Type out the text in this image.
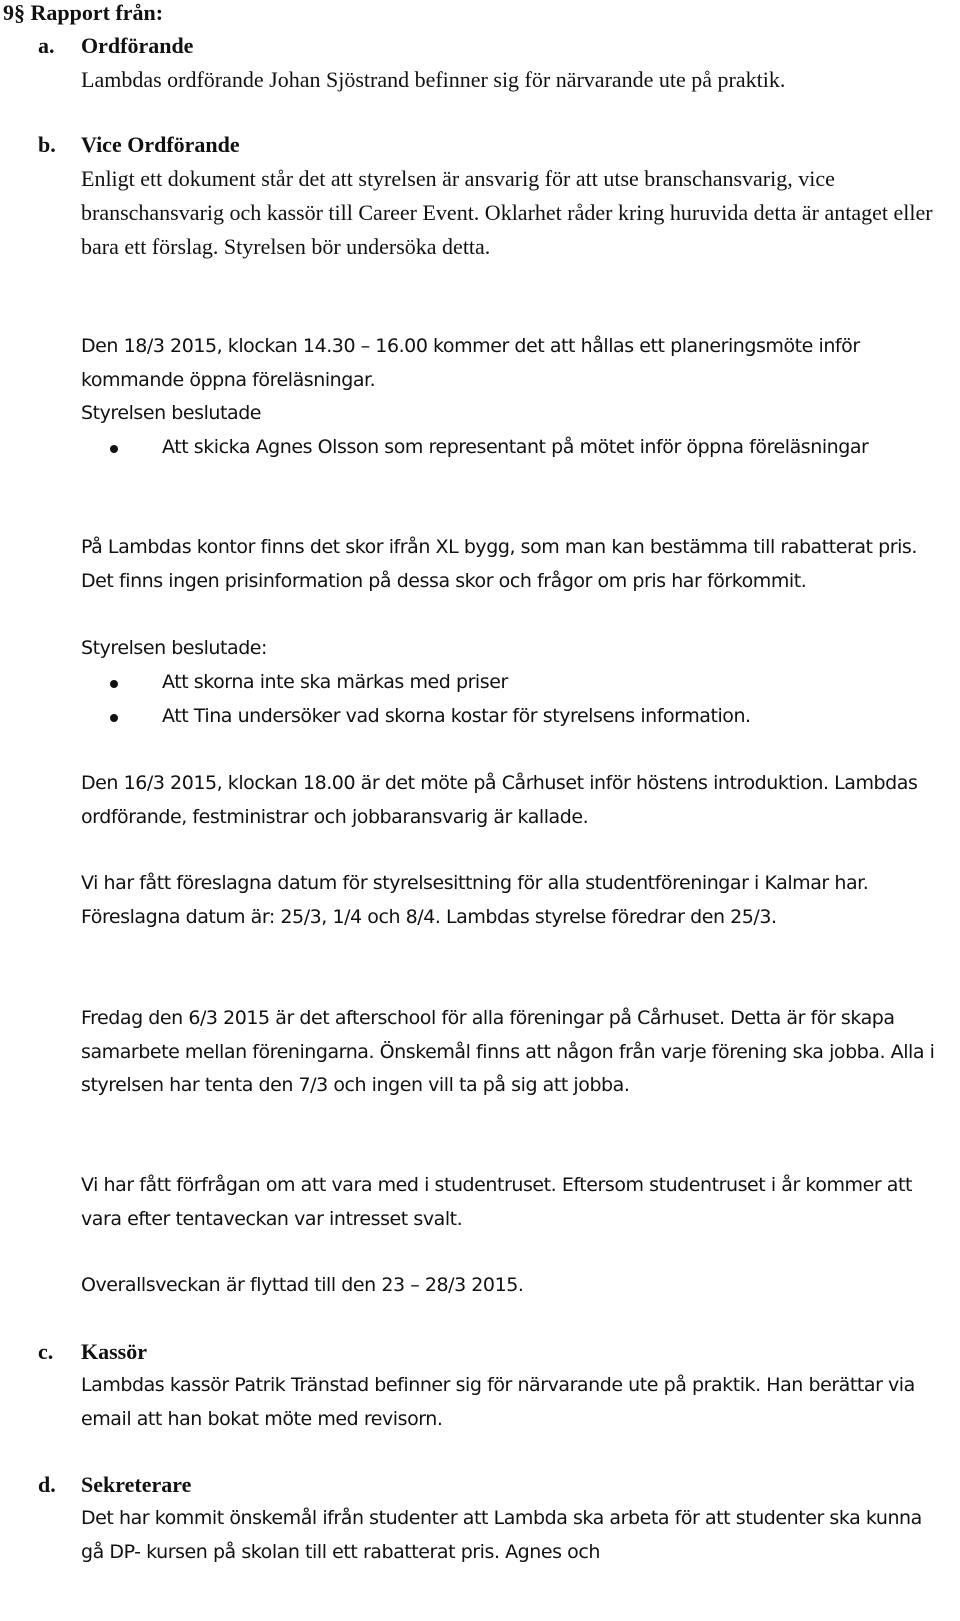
9§ Rapport från:
a. Ordförande

Lambdas ordförande Johan Sjöstrand befinner sig för närvarande ute på praktik.

b. Vice Ordförande

Enligt ett dokument står det att styrelsen är ansvarig för att utse branschansvarig, vice branschansvarig och kassör till Career Event. Oklarhet råder kring huruvida detta är antaget eller bara ett förslag. Styrelsen bör undersöka detta.

Den 18/3 2015, klockan 14.30 – 16.00 kommer det att hållas ett planeringsmöte inför kommande öppna föreläsningar.

Styrelsen beslutade

Att skicka Agnes Olsson som representant på mötet inför öppna föreläsningar

På Lambdas kontor finns det skor ifrån XL bygg, som man kan bestämma till rabatterat pris. Det finns ingen prisinformation på dessa skor och frågor om pris har förkommit.

Styrelsen beslutade:

Att skorna inte ska märkas med priser
Att Tina undersöker vad skorna kostar för styrelsens information.

Den 16/3 2015, klockan 18.00 är det möte på Cårhuset inför höstens introduktion. Lambdas ordförande, festministrar och jobbaransvarig är kallade.

Vi har fått föreslagna datum för styrelsesittning för alla studentföreningar i Kalmar har. Föreslagna datum är: 25/3, 1/4 och 8/4. Lambdas styrelse föredrar den 25/3.

Fredag den 6/3 2015 är det afterschool för alla föreningar på Cårhuset. Detta är för skapa samarbete mellan föreningarna. Önskemål finns att någon från varje förening ska jobba. Alla i styrelsen har tenta den 7/3 och ingen vill ta på sig att jobba.

Vi har fått förfrågan om att vara med i studentruset. Eftersom studentruset i år kommer att vara efter tentaveckan var intresset svalt.

Overallsveckan är flyttad till den 23 – 28/3 2015.

c. Kassör

Lambdas kassör Patrik Tränstad befinner sig för närvarande ute på praktik. Han berättar via email att han bokat möte med revisorn.

d. Sekreterare

Det har kommit önskemål ifrån studenter att Lambda ska arbeta för att studenter ska kunna gå DP- kursen på skolan till ett rabatterat pris. Agnes och
